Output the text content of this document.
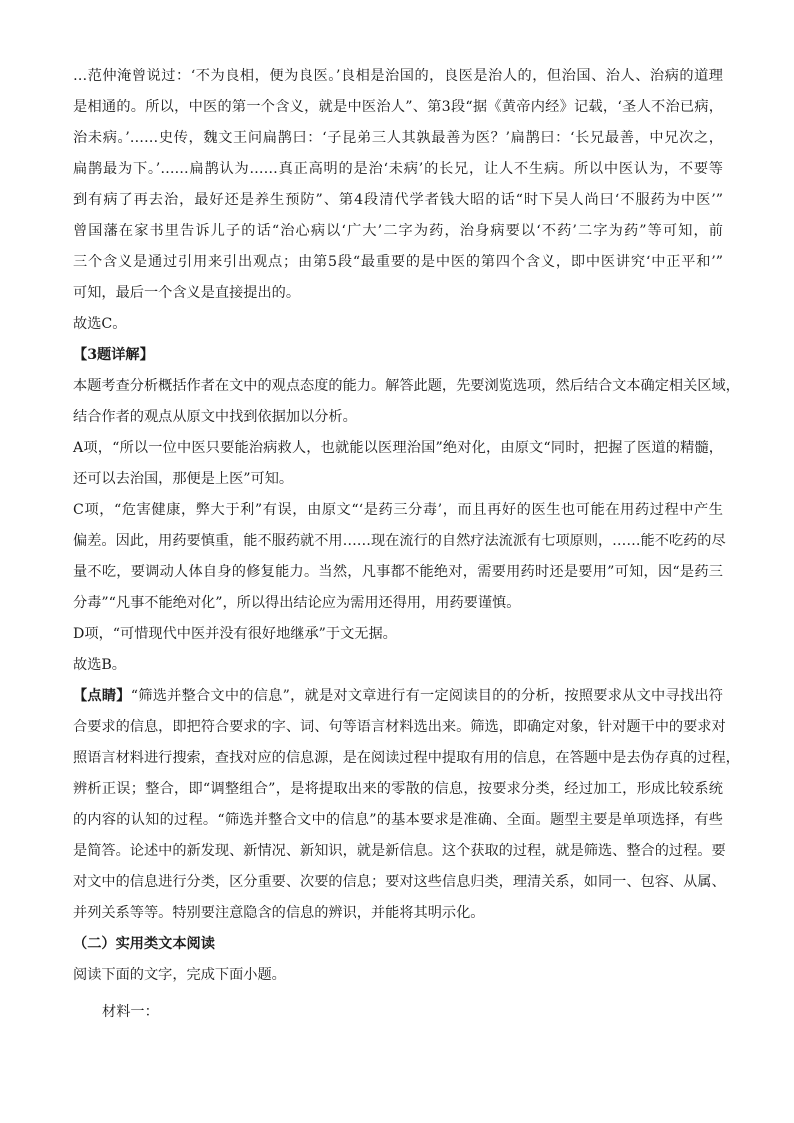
…范仲淹曾说过：‘不为良相，便为良医。’良相是治国的，良医是治人的，但治国、治人、治病的道理
是相通的。所以，中医的第一个含义，就是中医治人”、第3段“据《黄帝内经》记载，‘圣人不治已病，
治未病。’……史传，魏文王问扁鹊曰：‘子昆弟三人其孰最善为医？’扁鹊曰：‘长兄最善，中兄次之，
扁鹊最为下。’……扁鹊认为……真正高明的是治‘未病’的长兄，让人不生病。所以中医认为，不要等
到有病了再去治，最好还是养生预防”、第4段清代学者钱大昭的话“时下吴人尚曰‘不服药为中医’”
曾国藩在家书里告诉儿子的话“治心病以‘广大’二字为药，治身病要以‘不药’二字为药”等可知，前
三个含义是通过引用来引出观点；由第5段“最重要的是中医的第四个含义，即中医讲究‘中正平和’”
可知，最后一个含义是直接提出的。
故选C。
【3题详解】
本题考查分析概括作者在文中的观点态度的能力。解答此题，先要浏览选项，然后结合文本确定相关区域，
结合作者的观点从原文中找到依据加以分析。
A项，“所以一位中医只要能治病救人，也就能以医理治国”绝对化，由原文“同时，把握了医道的精髓，
还可以去治国，那便是上医”可知。
C项，“危害健康，弊大于利”有误，由原文“‘是药三分毒’，而且再好的医生也可能在用药过程中产生
偏差。因此，用药要慎重，能不服药就不用……现在流行的自然疗法流派有七项原则，……能不吃药的尽
量不吃，要调动人体自身的修复能力。当然，凡事都不能绝对，需要用药时还是要用”可知，因“是药三
分毒”“凡事不能绝对化”，所以得出结论应为需用还得用，用药要谨慎。
D项，“可惜现代中医并没有很好地继承”于文无据。
故选B。
【点睛】“筛选并整合文中的信息”，就是对文章进行有一定阅读目的的分析，按照要求从文中寻找出符
合要求的信息，即把符合要求的字、词、句等语言材料选出来。筛选，即确定对象，针对题干中的要求对
照语言材料进行搜索，查找对应的信息源，是在阅读过程中提取有用的信息，在答题中是去伪存真的过程，
辨析正误；整合，即“调整组合”，是将提取出来的零散的信息，按要求分类，经过加工，形成比较系统
的内容的认知的过程。“筛选并整合文中的信息”的基本要求是准确、全面。题型主要是单项选择，有些
是简答。论述中的新发现、新情况、新知识，就是新信息。这个获取的过程，就是筛选、整合的过程。要
对文中的信息进行分类，区分重要、次要的信息；要对这些信息归类，理清关系，如同一、包容、从属、
并列关系等等。特别要注意隐含的信息的辨识，并能将其明示化。
（二）实用类文本阅读
阅读下面的文字，完成下面小题。
材料一：
